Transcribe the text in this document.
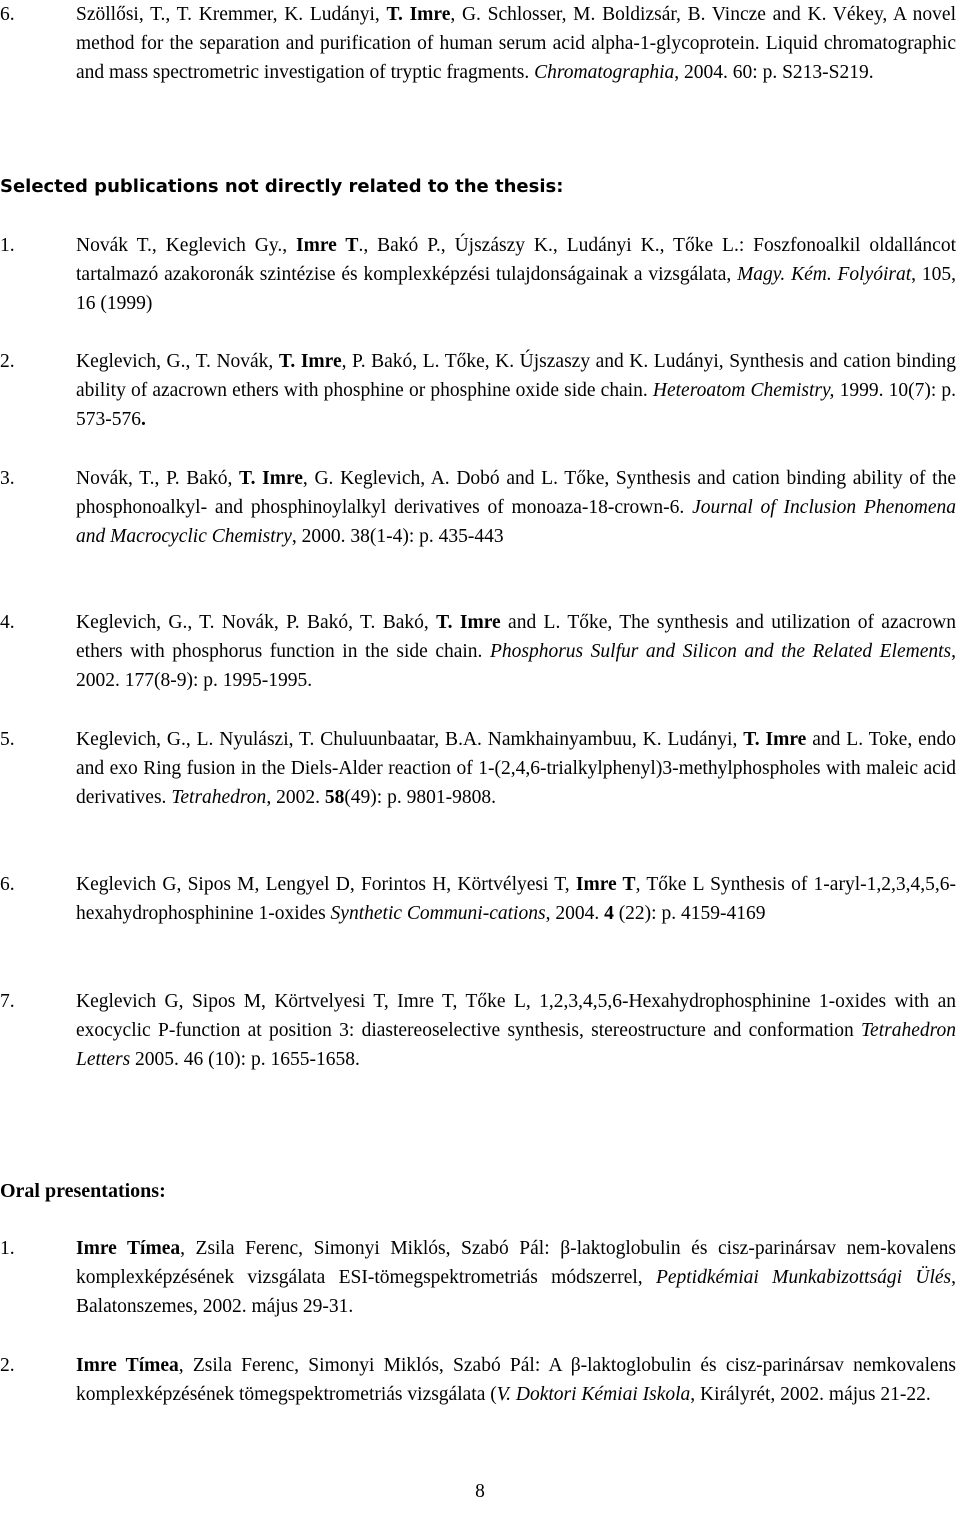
6.	Szöllősi, T., T. Kremmer, K. Ludányi, T. Imre, G. Schlosser, M. Boldizsár, B. Vincze and K. Vékey, A novel method for the separation and purification of human serum acid alpha-1-glycoprotein. Liquid chromatographic and mass spectrometric investigation of tryptic fragments. Chromatographia, 2004. 60: p. S213-S219.
Selected publications not directly related to the thesis:
1.	Novák T., Keglevich Gy., Imre T., Bakó P., Újszászy K., Ludányi K., Tőke L.: Foszfonoalkil oldalláncot tartalmazó azakoronák szintézise és komplexképzési tulajdonságainak a vizsgálata, Magy. Kém. Folyóirat, 105, 16 (1999)
2.	Keglevich, G., T. Novák, T. Imre, P. Bakó, L. Tőke, K. Újszaszy and K. Ludányi, Synthesis and cation binding ability of azacrown ethers with phosphine or phosphine oxide side chain. Heteroatom Chemistry, 1999. 10(7): p. 573-576.
3.	Novák, T., P. Bakó, T. Imre, G. Keglevich, A. Dobó and L. Tőke, Synthesis and cation binding ability of the phosphonoalkyl- and phosphinoylalkyl derivatives of monoaza-18-crown-6. Journal of Inclusion Phenomena and Macrocyclic Chemistry, 2000. 38(1-4): p. 435-443
4.	Keglevich, G., T. Novák, P. Bakó, T. Bakó, T. Imre and L. Tőke, The synthesis and utilization of azacrown ethers with phosphorus function in the side chain. Phosphorus Sulfur and Silicon and the Related Elements, 2002. 177(8-9): p. 1995-1995.
5.	Keglevich, G., L. Nyulászi, T. Chuluunbaatar, B.A. Namkhainyambuu, K. Ludányi, T. Imre and L. Toke, endo and exo Ring fusion in the Diels-Alder reaction of 1-(2,4,6-trialkylphenyl)3-methylphospholes with maleic acid derivatives. Tetrahedron, 2002. 58(49): p. 9801-9808.
6.	Keglevich G, Sipos M, Lengyel D, Forintos H, Körtvélyesi T, Imre T, Tőke L Synthesis of 1-aryl-1,2,3,4,5,6-hexahydrophosphinine 1-oxides Synthetic Communi-cations, 2004. 4 (22): p. 4159-4169
7.	Keglevich G, Sipos M, Körtvelyesi T, Imre T, Tőke L, 1,2,3,4,5,6-Hexahydrophosphinine 1-oxides with an exocyclic P-function at position 3: diastereoselective synthesis, stereostructure and conformation Tetrahedron Letters 2005. 46 (10): p. 1655-1658.
Oral presentations:
1.	Imre Tímea, Zsila Ferenc, Simonyi Miklós, Szabó Pál: β-laktoglobulin és cisz-parinársav nem-kovalens komplexképzésének vizsgálata ESI-tömegspektrometriás módszerrel, Peptidkémiai Munkabizottsági Ülés, Balatonszemes, 2002. május 29-31.
2.	Imre Tímea, Zsila Ferenc, Simonyi Miklós, Szabó Pál: A β-laktoglobulin és cisz-parinársav nemkovalens komplexképzésének tömegspektrometriás vizsgálata (V. Doktori Kémiai Iskola, Királyrét, 2002. május 21-22.
8
